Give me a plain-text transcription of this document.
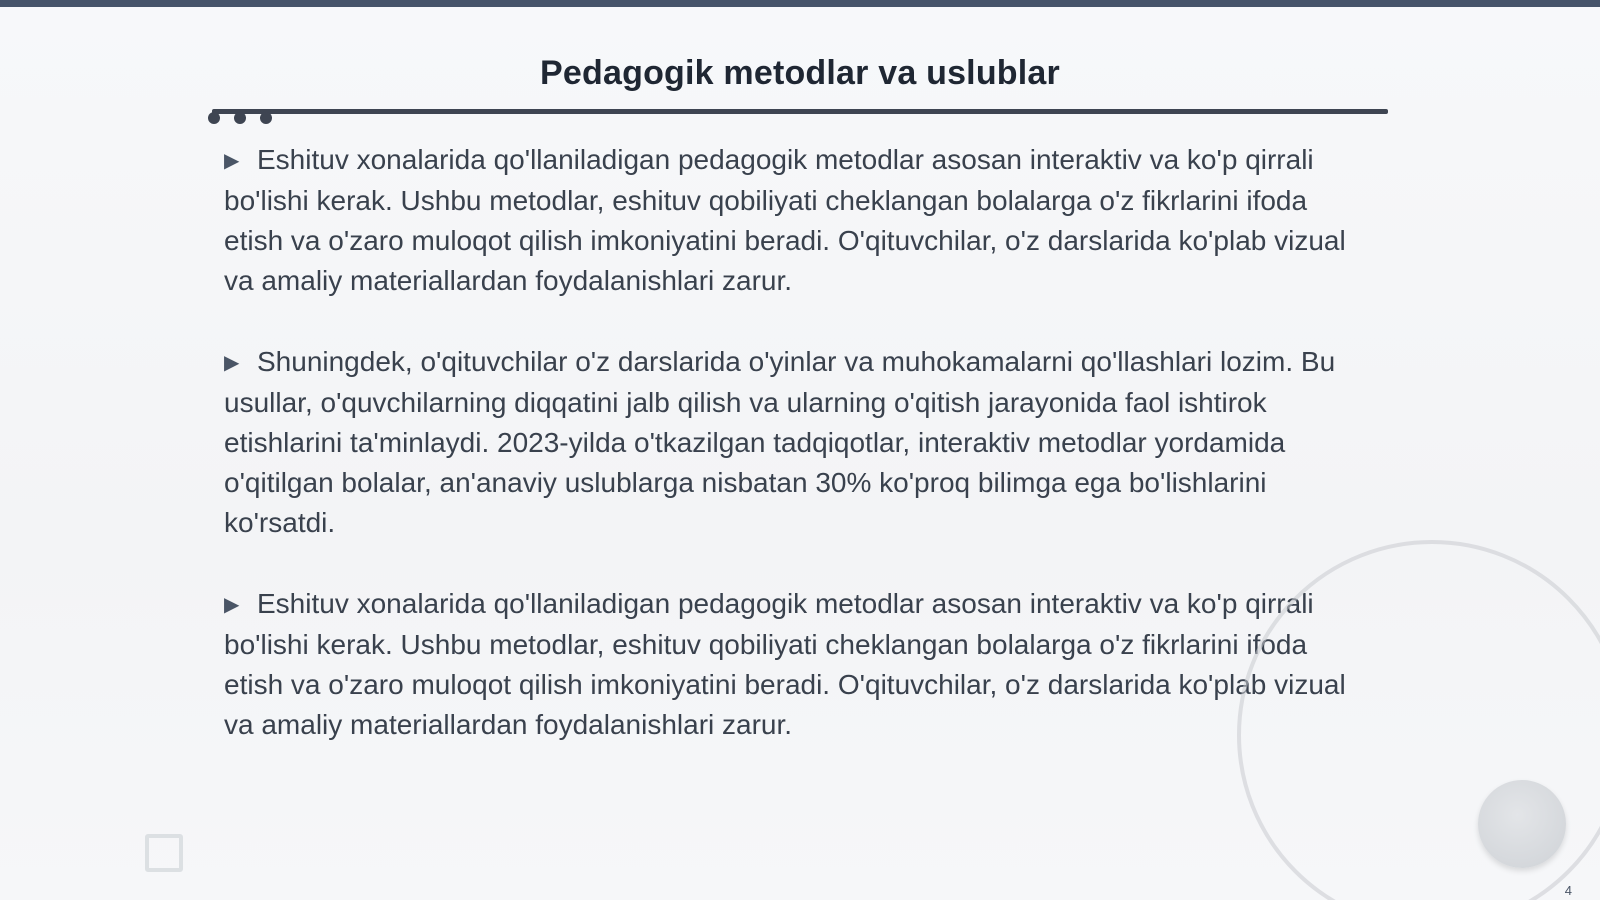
Pedagogik metodlar va uslublar

▶ Eshituv xonalarida qo'llaniladigan pedagogik metodlar asosan interaktiv va ko'p qirrali bo'lishi kerak. Ushbu metodlar, eshituv qobiliyati cheklangan bolalarga o'z fikrlarini ifoda etish va o'zaro muloqot qilish imkoniyatini beradi. O'qituvchilar, o'z darslarida ko'plab vizual va amaliy materiallardan foydalanishlari zarur.

▶ Shuningdek, o'qituvchilar o'z darslarida o'yinlar va muhokamalarni qo'llashlari lozim. Bu usullar, o'quvchilarning diqqatini jalb qilish va ularning o'qitish jarayonida faol ishtirok etishlarini ta'minlaydi. 2023-yilda o'tkazilgan tadqiqotlar, interaktiv metodlar yordamida o'qitilgan bolalar, an'anaviy uslublarga nisbatan 30% ko'proq bilimga ega bo'lishlarini ko'rsatdi.

▶ Eshituv xonalarida qo'llaniladigan pedagogik metodlar asosan interaktiv va ko'p qirrali bo'lishi kerak. Ushbu metodlar, eshituv qobiliyati cheklangan bolalarga o'z fikrlarini ifoda etish va o'zaro muloqot qilish imkoniyatini beradi. O'qituvchilar, o'z darslarida ko'plab vizual va amaliy materiallardan foydalanishlari zarur.

4
